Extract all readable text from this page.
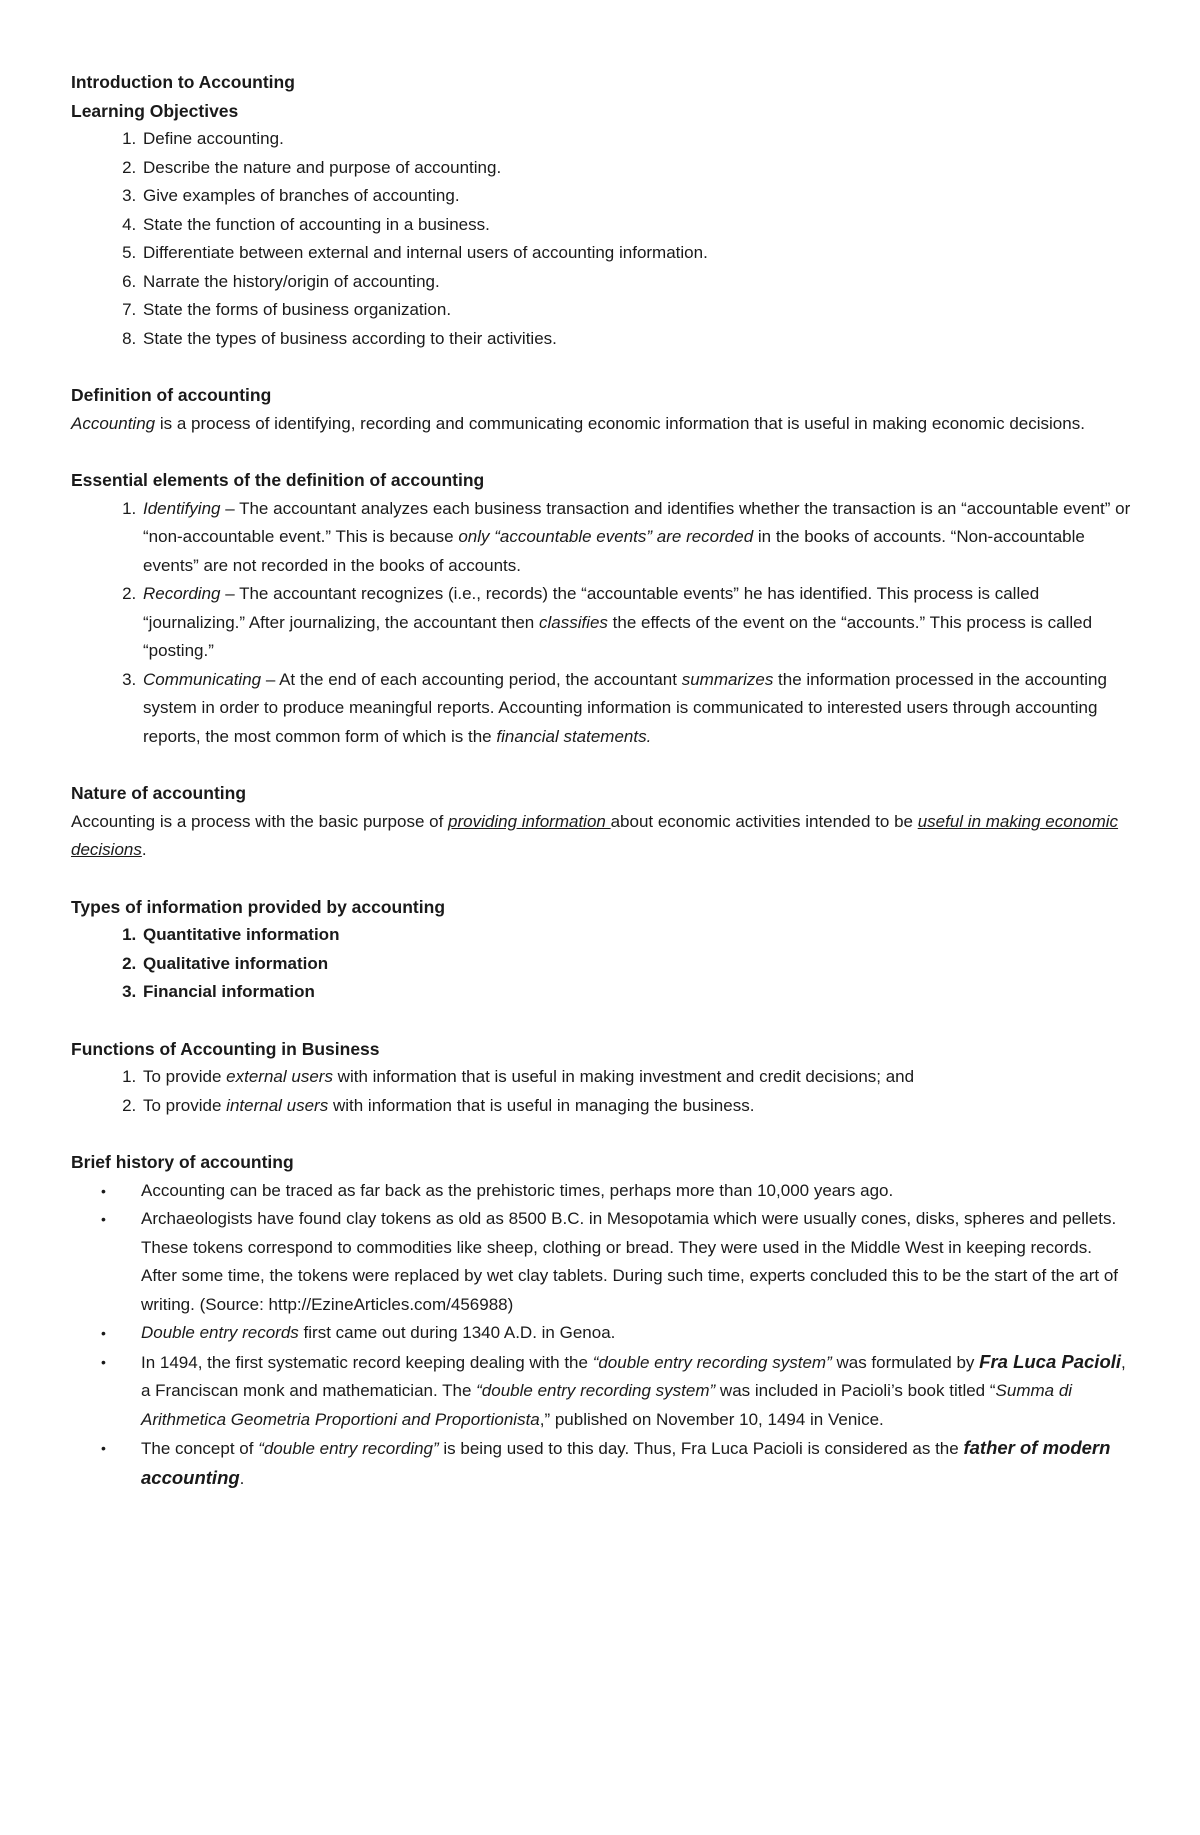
Introduction to Accounting

Learning Objectives

1. Define accounting.
2. Describe the nature and purpose of accounting.
3. Give examples of branches of accounting.
4. State the function of accounting in a business.
5. Differentiate between external and internal users of accounting information.
6. Narrate the history/origin of accounting.
7. State the forms of business organization.
8. State the types of business according to their activities.

Definition of accounting

Accounting is a process of identifying, recording and communicating economic information that is useful in making economic decisions.

Essential elements of the definition of accounting

1. Identifying – The accountant analyzes each business transaction and identifies whether the transaction is an “accountable event” or “non-accountable event.” This is because only “accountable events” are recorded in the books of accounts. “Non-accountable events” are not recorded in the books of accounts.
2. Recording – The accountant recognizes (i.e., records) the “accountable events” he has identified. This process is called “journalizing.” After journalizing, the accountant then classifies the effects of the event on the “accounts.” This process is called “posting.”
3. Communicating – At the end of each accounting period, the accountant summarizes the information processed in the accounting system in order to produce meaningful reports. Accounting information is communicated to interested users through accounting reports, the most common form of which is the financial statements.

Nature of accounting

Accounting is a process with the basic purpose of providing information about economic activities intended to be useful in making economic decisions.

Types of information provided by accounting

1. Quantitative information
2. Qualitative information
3. Financial information

Functions of Accounting in Business

1. To provide external users with information that is useful in making investment and credit decisions; and
2. To provide internal users with information that is useful in managing the business.

Brief history of accounting

• Accounting can be traced as far back as the prehistoric times, perhaps more than 10,000 years ago.
• Archaeologists have found clay tokens as old as 8500 B.C. in Mesopotamia which were usually cones, disks, spheres and pellets. These tokens correspond to commodities like sheep, clothing or bread. They were used in the Middle West in keeping records. After some time, the tokens were replaced by wet clay tablets. During such time, experts concluded this to be the start of the art of writing. (Source: http://EzineArticles.com/456988)
• Double entry records first came out during 1340 A.D. in Genoa.
• In 1494, the first systematic record keeping dealing with the “double entry recording system” was formulated by Fra Luca Pacioli, a Franciscan monk and mathematician. The “double entry recording system” was included in Pacioli’s book titled “Summa di Arithmetica Geometria Proportioni and Proportionista,” published on November 10, 1494 in Venice.
• The concept of “double entry recording” is being used to this day. Thus, Fra Luca Pacioli is considered as the father of modern accounting.
